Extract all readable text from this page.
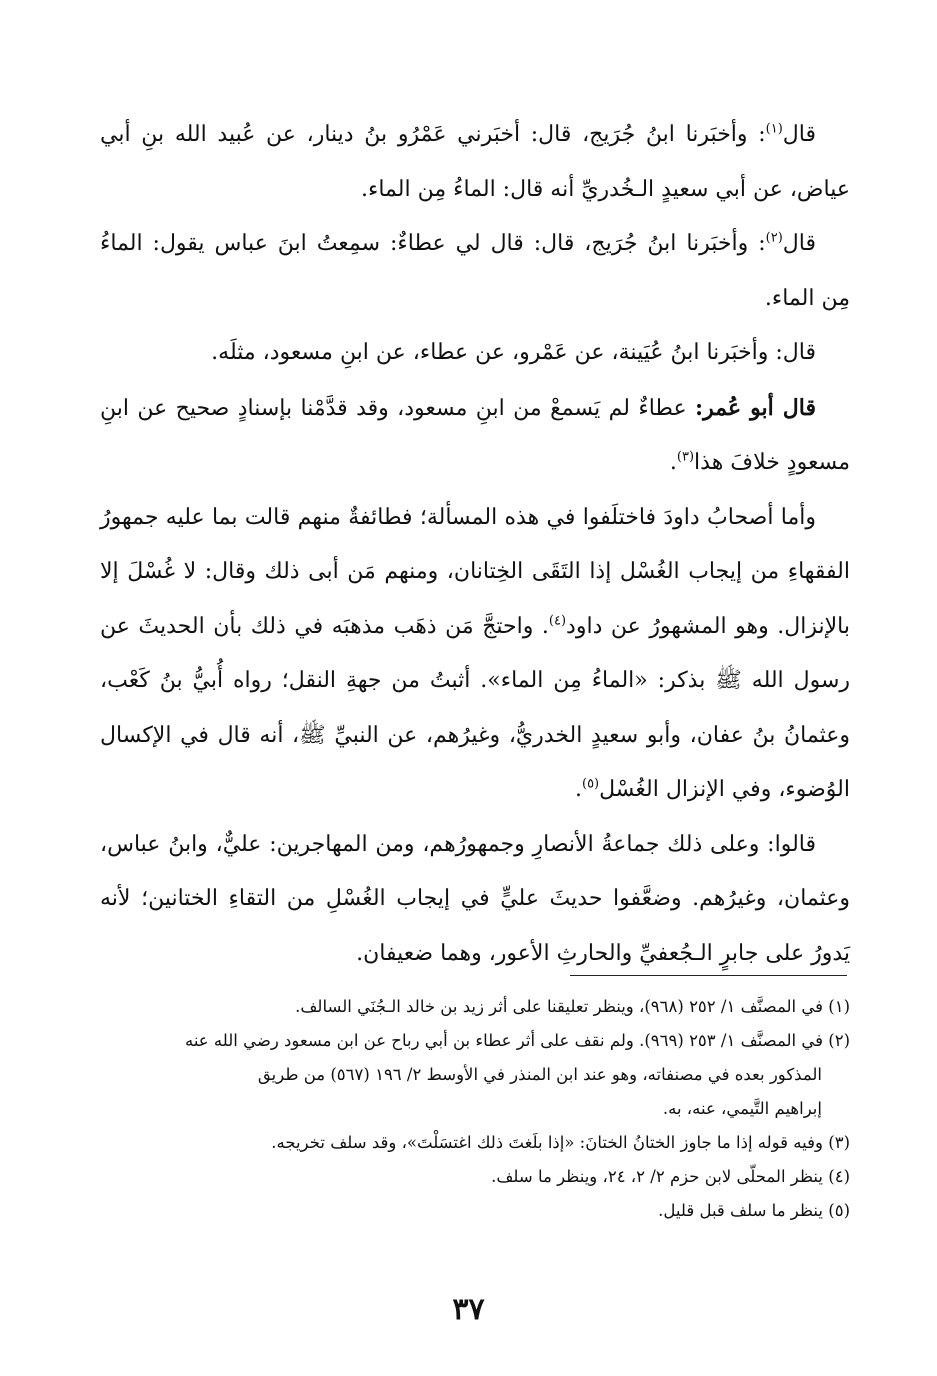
قال$^{(١)}$: وأخبَرنا ابنُ جُرَيج، قال: أخبَرني عَمْرُو بنُ دينار، عن عُبيد الله بنِ أبي عياض، عن أبي سعيدٍ الـخُدريِّ أنه قال: الماءُ مِن الماء.

قال$^{(٢)}$: وأخبَرنا ابنُ جُرَيج، قال: قال لي عطاءٌ: سمِعتُ ابنَ عباس يقول: الماءُ مِن الماء.

قال: وأخبَرنا ابنُ عُيَينة، عن عَمْرو، عن عطاء، عن ابنِ مسعود، مثلَه.

قال أبو عُمر: عطاءٌ لم يَسمعْ من ابنِ مسعود، وقد قدَّمْنا بإسنادٍ صحيح عن ابنِ مسعودٍ خلافَ هذا$^{(٣)}$.

وأما أصحابُ داودَ فاختلَفوا في هذه المسألة؛ فطائفةٌ منهم قالت بما عليه جمهورُ الفقهاءِ من إيجاب الغُسْل إذا التَقَى الخِتانان، ومنهم مَن أبى ذلك وقال: لا غُسْلَ إلا بالإنزال. وهو المشهورُ عن داود$^{(٤)}$. واحتجَّ مَن ذهَب مذهبَه في ذلك بأن الحديثَ عن رسول الله ﷺ بذكر: «الماءُ مِن الماء». أثبتُ من جهةِ النقل؛ رواه أُبيُّ بنُ كَعْب، وعثمانُ بنُ عفان، وأبو سعيدٍ الخدريُّ، وغيرُهم، عن النبيِّ ﷺ، أنه قال في الإكسال الوُضوء، وفي الإنزال الغُسْل$^{(٥)}$.

قالوا: وعلى ذلك جماعةُ الأنصارِ وجمهورُهم، ومن المهاجرين: عليٌّ، وابنُ عباس، وعثمان، وغيرُهم. وضعَّفوا حديثَ عليٍّ في إيجاب الغُسْلِ من التقاءِ الختانين؛ لأنه يَدورُ على جابرٍ الـجُعفيِّ والحارثِ الأعور، وهما ضعيفان.

(١) في المصنَّف ١/ ٢٥٢ (٩٦٨)، وينظر تعليقنا على أثر زيد بن خالد الـجُنَي السالف.

(٢) في المصنَّف ١/ ٢٥٣ (٩٦٩). ولم نقف على أثر عطاء بن أبي رباح عن ابن مسعود رضي الله عنه

المذكور بعده في مصنفاته، وهو عند ابن المنذر في الأوسط ٢/ ١٩٦ (٥٦٧) من طريق

إبراهيم التَّيمي، عنه، به.

(٣) وفيه قوله إذا ما جاوز الختانُ الختانَ: «إذا بلَغتَ ذلك اغتسَلْتَ»، وقد سلف تخريجه.

(٤) ينظر المحلّى لابن حزم ٢/ ٢، ٢٤، وينظر ما سلف.

(٥) ينظر ما سلف قبل قليل.

٣٧
